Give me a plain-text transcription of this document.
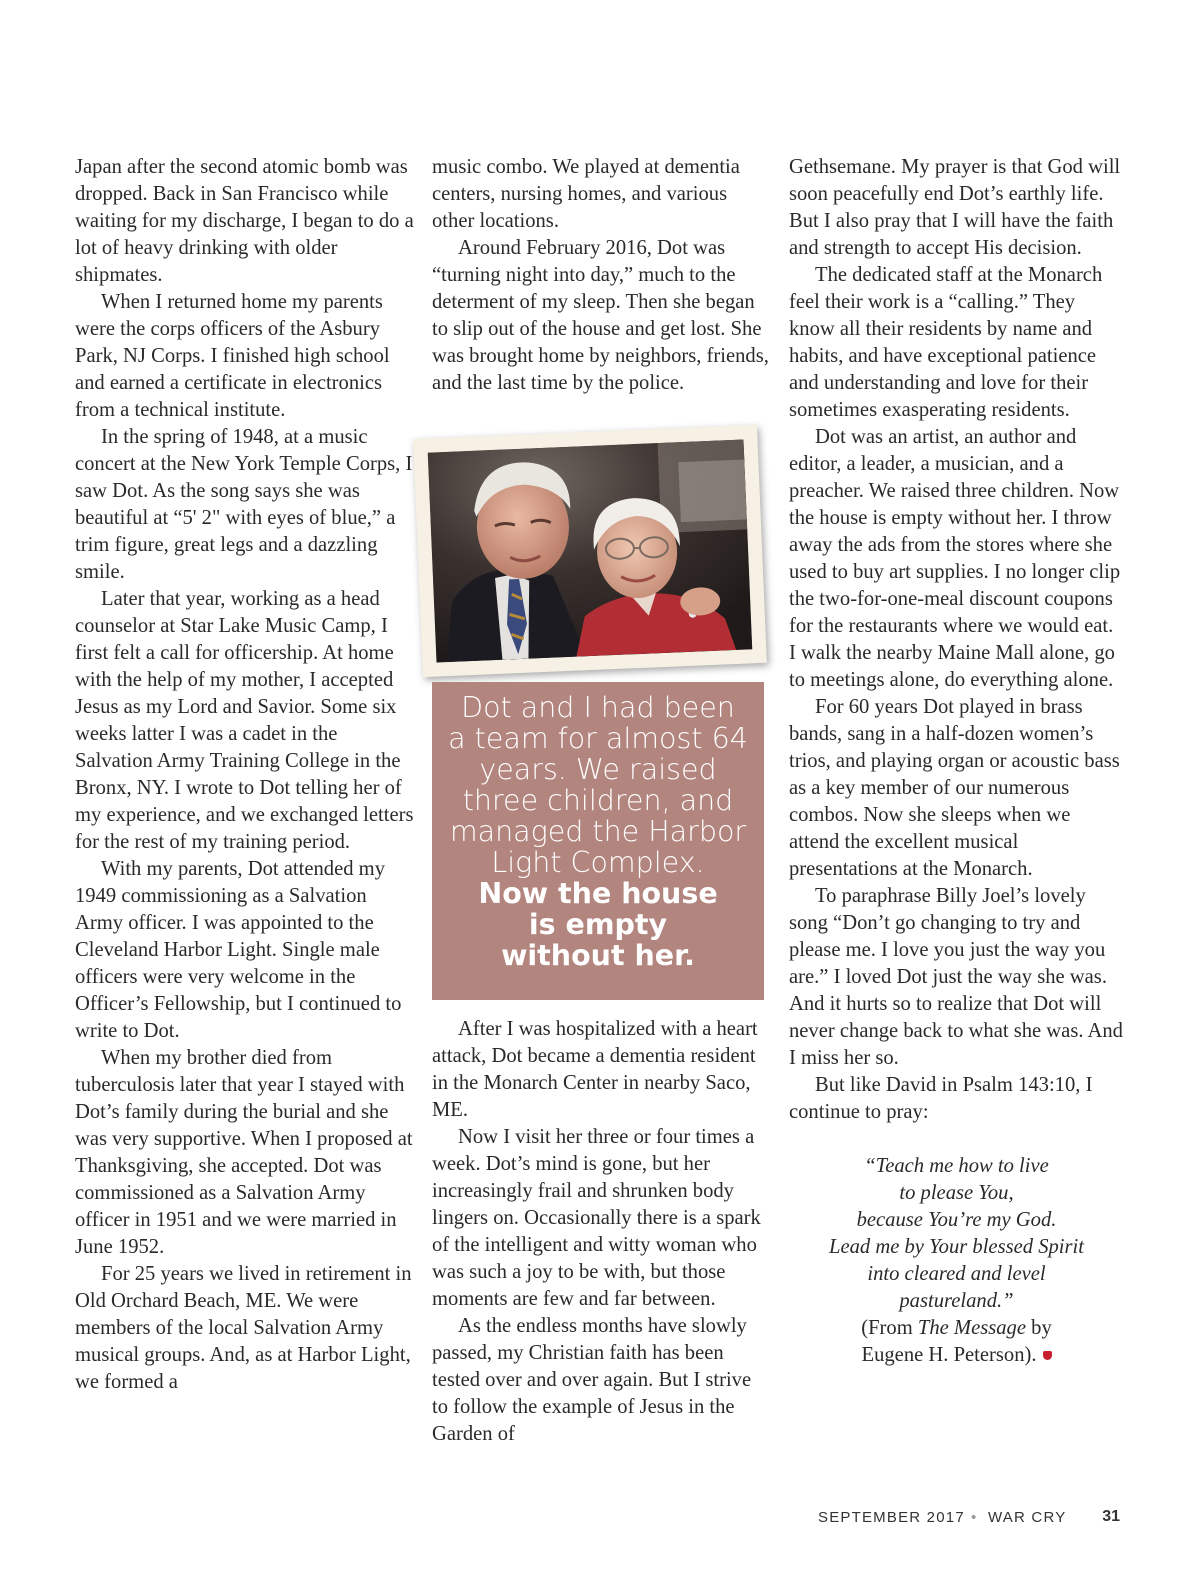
Japan after the second atomic bomb was dropped. Back in San Francisco while waiting for my discharge, I began to do a lot of heavy drinking with older shipmates.

When I returned home my parents were the corps officers of the Asbury Park, NJ Corps. I finished high school and earned a certificate in electronics from a technical institute.

In the spring of 1948, at a music concert at the New York Temple Corps, I saw Dot. As the song says she was beautiful at “5' 2" with eyes of blue,” a trim figure, great legs and a dazzling smile.

Later that year, working as a head counselor at Star Lake Music Camp, I first felt a call for officership. At home with the help of my mother, I accepted Jesus as my Lord and Savior. Some six weeks latter I was a cadet in the Salvation Army Training College in the Bronx, NY. I wrote to Dot telling her of my experience, and we exchanged letters for the rest of my training period.

With my parents, Dot attended my 1949 commissioning as a Salvation Army officer. I was appointed to the Cleveland Harbor Light. Single male officers were very welcome in the Officer’s Fellowship, but I continued to write to Dot.

When my brother died from tuberculosis later that year I stayed with Dot’s family during the burial and she was very supportive. When I proposed at Thanksgiving, she accepted. Dot was commissioned as a Salvation Army officer in 1951 and we were married in June 1952.

For 25 years we lived in retirement in Old Orchard Beach, ME. We were members of the local Salvation Army musical groups. And, as at Harbor Light, we formed a

music combo. We played at dementia centers, nursing homes, and various other locations.

Around February 2016, Dot was “turning night into day,” much to the determent of my sleep. Then she began to slip out of the house and get lost. She was brought home by neighbors, friends, and the last time by the police.

Dot and I had been
a team for almost 64
years. We raised
three children, and
managed the Harbor
Light Complex.
Now the house
is empty
without her.

After I was hospitalized with a heart attack, Dot became a dementia resident in the Monarch Center in nearby Saco, ME.

Now I visit her three or four times a week. Dot’s mind is gone, but her increasingly frail and shrunken body lingers on. Occasionally there is a spark of the intelligent and witty woman who was such a joy to be with, but those moments are few and far between.

As the endless months have slowly passed, my Christian faith has been tested over and over again. But I strive to follow the example of Jesus in the Garden of

Gethsemane. My prayer is that God will soon peacefully end Dot’s earthly life. But I also pray that I will have the faith and strength to accept His decision.

The dedicated staff at the Monarch feel their work is a “calling.” They know all their residents by name and habits, and have exceptional patience and understanding and love for their sometimes exasperating residents.

Dot was an artist, an author and editor, a leader, a musician, and a preacher. We raised three children. Now the house is empty without her. I throw away the ads from the stores where she used to buy art supplies. I no longer clip the two-for-one-meal discount coupons for the restaurants where we would eat. I walk the nearby Maine Mall alone, go to meetings alone, do everything alone.

For 60 years Dot played in brass bands, sang in a half-dozen women’s trios, and playing organ or acoustic bass as a key member of our numerous combos. Now she sleeps when we attend the excellent musical presentations at the Monarch.

To paraphrase Billy Joel’s lovely song “Don’t go changing to try and please me. I love you just the way you are.” I loved Dot just the way she was. And it hurts so to realize that Dot will never change back to what she was. And I miss her so.

But like David in Psalm 143:10, I continue to pray:

“Teach me how to live
to please You,
because You’re my God.
Lead me by Your blessed Spirit
into cleared and level
pastureland.”
(From The Message by
Eugene H. Peterson).
SEPTEMBER 2017 • WAR CRY 31
